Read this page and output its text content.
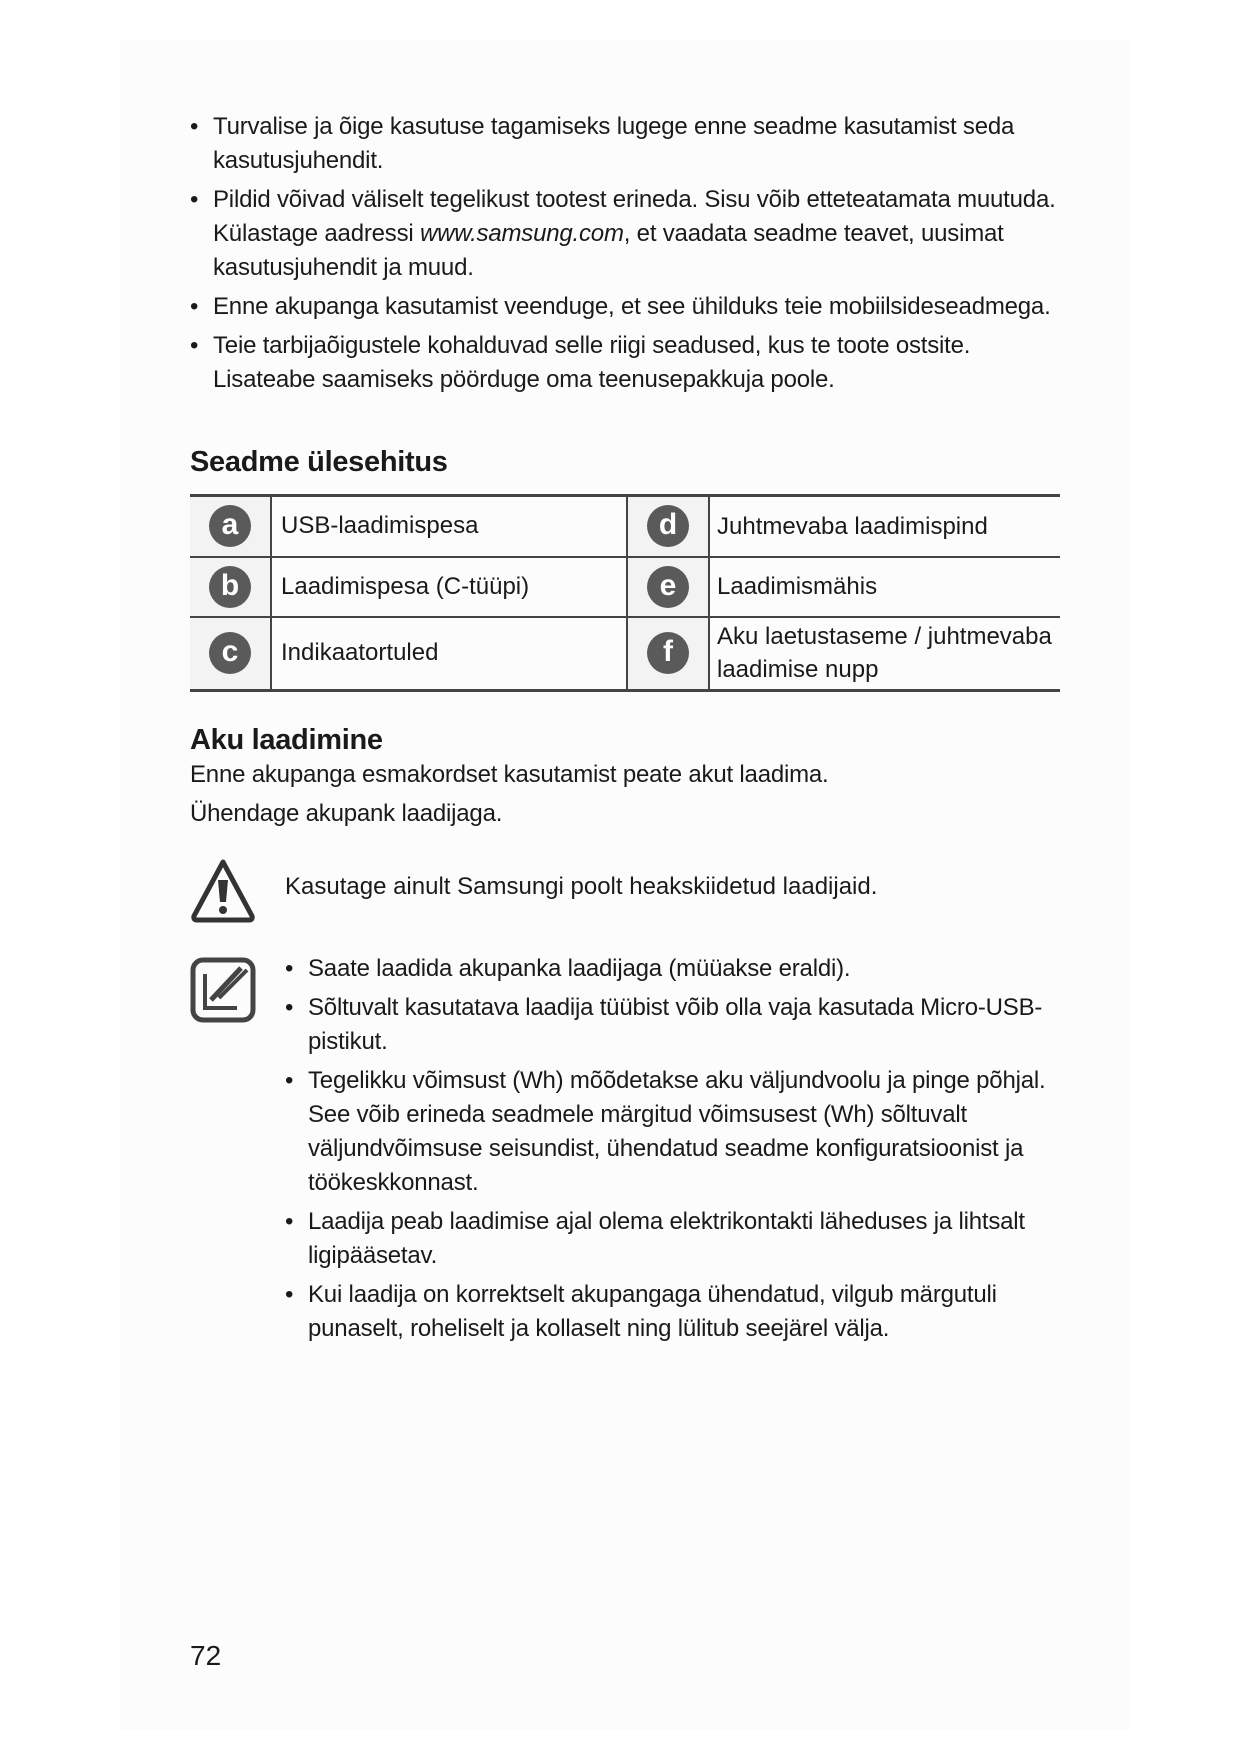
• Turvalise ja õige kasutuse tagamiseks lugege enne seadme kasutamist seda kasutusjuhendit.
• Pildid võivad väliselt tegelikust tootest erineda. Sisu võib etteteatamata muutuda. Külastage aadressi www.samsung.com, et vaadata seadme teavet, uusimat kasutusjuhendit ja muud.
• Enne akupanga kasutamist veenduge, et see ühilduks teie mobiilsideseadmega.
• Teie tarbijaõigustele kohalduvad selle riigi seadused, kus te toote ostsite. Lisateabe saamiseks pöörduge oma teenusepakkuja poole.
Seadme ülesehitus
a	USB-laadimispesa	d	Juhtmevaba laadimispind
b	Laadimispesa (C-tüüpi)	e	Laadimismähis
c	Indikaatortuled	f	Aku laetustaseme / juhtmevaba laadimise nupp
Aku laadimine

Enne akupanga esmakordset kasutamist peate akut laadima.

Ühendage akupank laadijaga.

Kasutage ainult Samsungi poolt heakskiidetud laadijaid.
• Saate laadida akupanka laadijaga (müüakse eraldi).
• Sõltuvalt kasutatava laadija tüübist võib olla vaja kasutada Micro-USB-pistikut.
• Tegelikku võimsust (Wh) mõõdetakse aku väljundvoolu ja pinge põhjal. See võib erineda seadmele märgitud võimsusest (Wh) sõltuvalt väljundvõimsuse seisundist, ühendatud seadme konfiguratsioonist ja töökeskkonnast.
• Laadija peab laadimise ajal olema elektrikontakti läheduses ja lihtsalt ligipääsetav.
• Kui laadija on korrektselt akupangaga ühendatud, vilgub märgutuli punaselt, roheliselt ja kollaselt ning lülitub seejärel välja.
72
